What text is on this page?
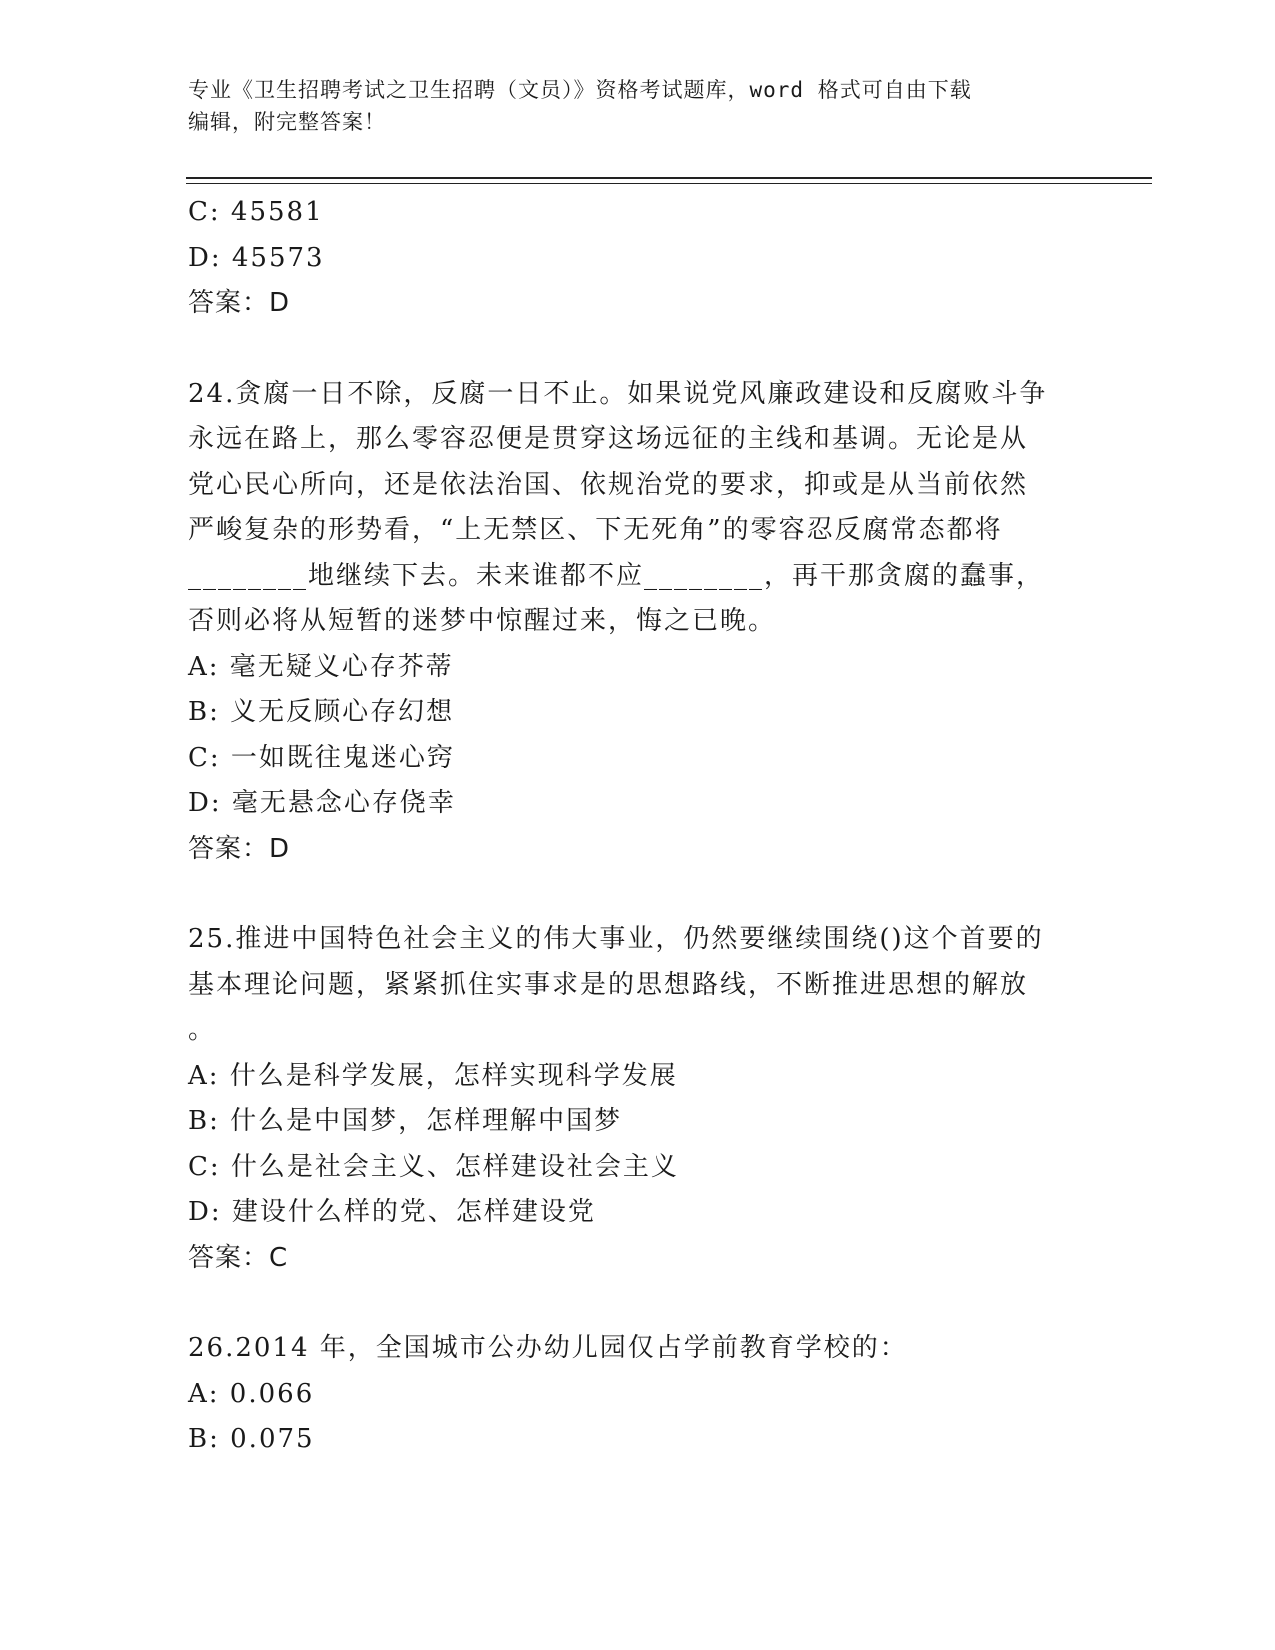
专业《卫生招聘考试之卫生招聘（文员）》资格考试题库，word 格式可自由下载
编辑，附完整答案！
C: 45581
D: 45573
答案：D
24.贪腐一日不除，反腐一日不止。如果说党风廉政建设和反腐败斗争
永远在路上，那么零容忍便是贯穿这场远征的主线和基调。无论是从
党心民心所向，还是依法治国、依规治党的要求，抑或是从当前依然
严峻复杂的形势看，“上无禁区、下无死角”的零容忍反腐常态都将
________地继续下去。未来谁都不应________，再干那贪腐的蠢事，
否则必将从短暂的迷梦中惊醒过来，悔之已晚。
A: 毫无疑义心存芥蒂
B: 义无反顾心存幻想
C: 一如既往鬼迷心窍
D: 毫无悬念心存侥幸
答案：D
25.推进中国特色社会主义的伟大事业，仍然要继续围绕()这个首要的
基本理论问题，紧紧抓住实事求是的思想路线，不断推进思想的解放
。
A: 什么是科学发展，怎样实现科学发展
B: 什么是中国梦，怎样理解中国梦
C: 什么是社会主义、怎样建设社会主义
D: 建设什么样的党、怎样建设党
答案：C
26.2014 年，全国城市公办幼儿园仅占学前教育学校的：
A: 0.066
B: 0.075
